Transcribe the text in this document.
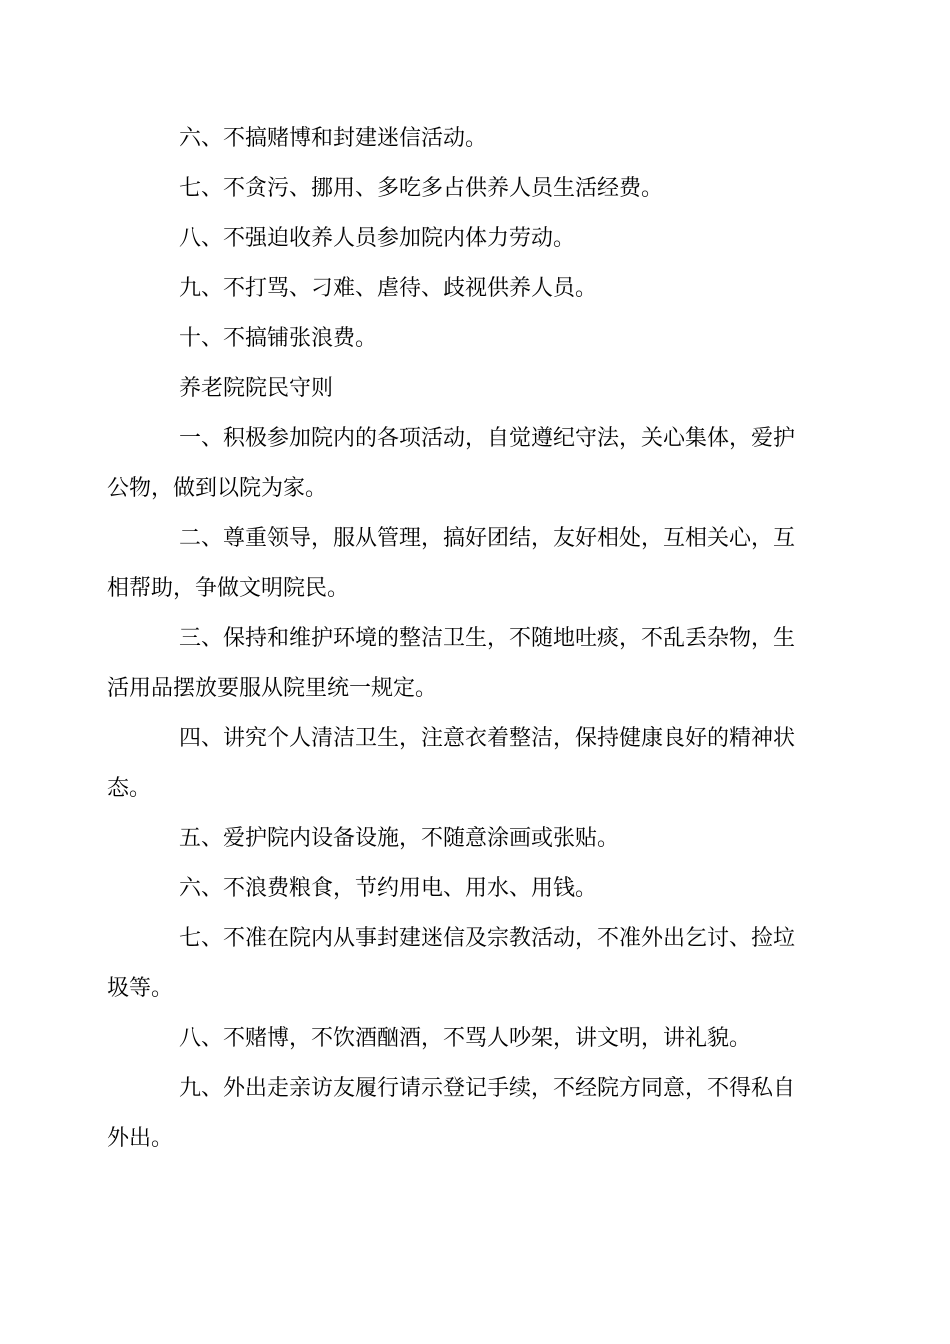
六、不搞赌博和封建迷信活动。

七、不贪污、挪用、多吃多占供养人员生活经费。

八、不强迫收养人员参加院内体力劳动。

九、不打骂、刁难、虐待、歧视供养人员。

十、不搞铺张浪费。

养老院院民守则

一、积极参加院内的各项活动，自觉遵纪守法，关心集体，爱护
公物，做到以院为家。

二、尊重领导，服从管理，搞好团结，友好相处，互相关心，互
相帮助，争做文明院民。

三、保持和维护环境的整洁卫生，不随地吐痰，不乱丢杂物，生
活用品摆放要服从院里统一规定。

四、讲究个人清洁卫生，注意衣着整洁，保持健康良好的精神状
态。

五、爱护院内设备设施，不随意涂画或张贴。

六、不浪费粮食，节约用电、用水、用钱。

七、不准在院内从事封建迷信及宗教活动，不准外出乞讨、捡垃
圾等。

八、不赌博，不饮酒酗酒，不骂人吵架，讲文明，讲礼貌。

九、外出走亲访友履行请示登记手续，不经院方同意，不得私自
外出。
